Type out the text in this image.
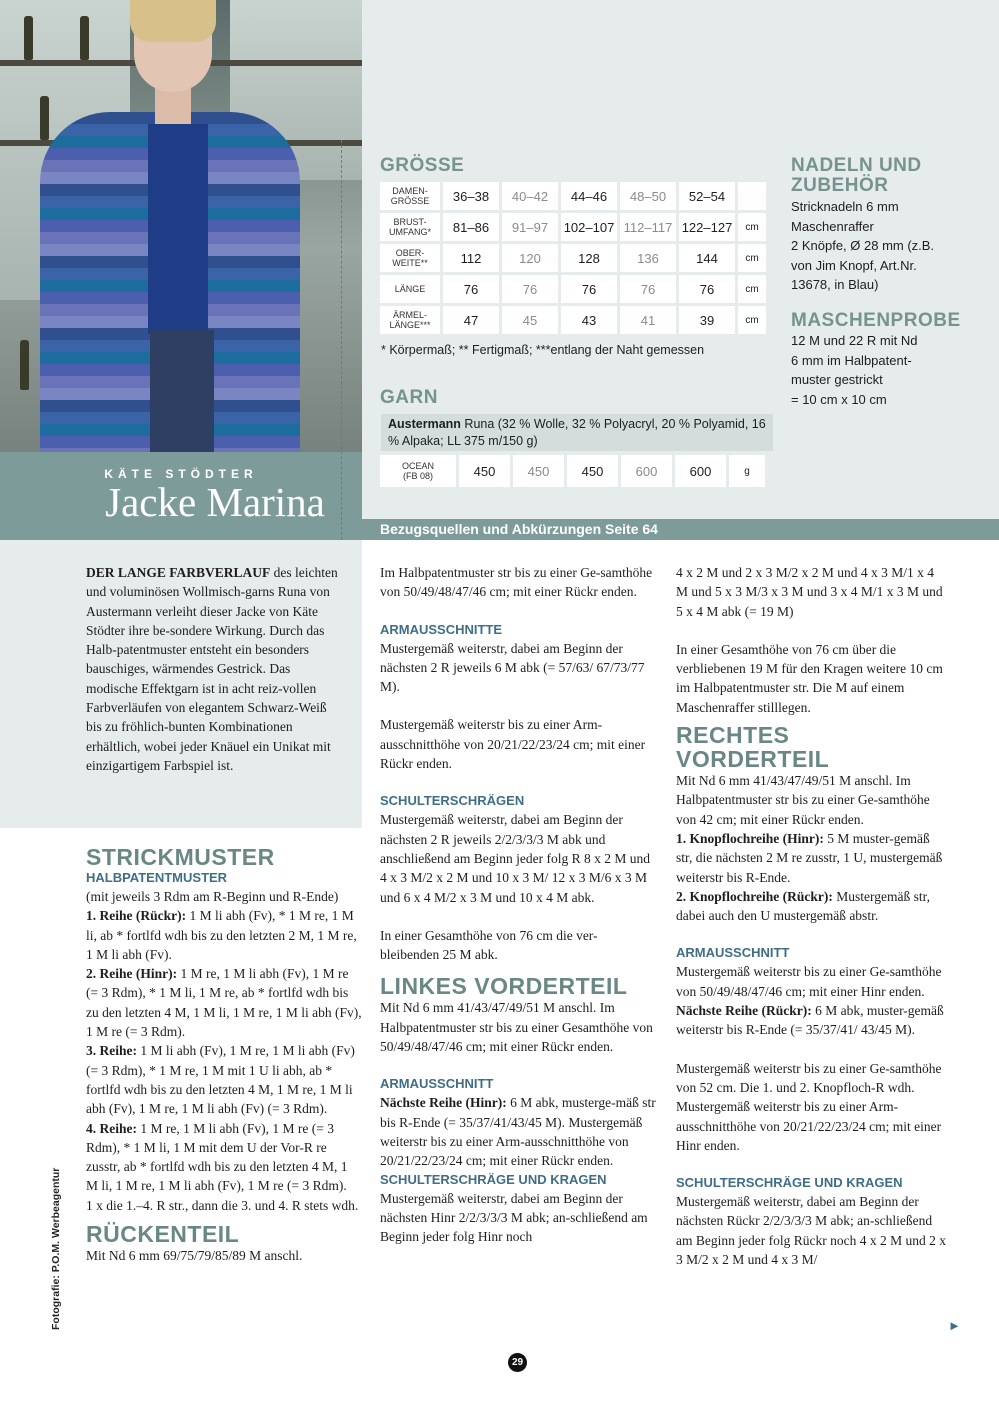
KÄTE STÖDTER
Jacke Marina
Bezugsquellen und Abkürzungen Seite 64
GRÖSSE
DAMEN-
GRÖSSE	36–38	40–42	44–46	48–50	52–54	
BRUST-
UMFANG*	81–86	91–97	102–107	112–117	122–127	cm
OBER-
WEITE**	112	120	128	136	144	cm
LÄNGE	76	76	76	76	76	cm
ÄRMEL-
LÄNGE***	47	45	43	41	39	cm
* Körpermaß; ** Fertigmaß; ***entlang der Naht gemessen
GARN
Austermann Runa (32 % Wolle, 32 % Polyacryl, 20 % Polyamid, 16 % Alpaka; LL 375 m/150 g)
OCEAN
(FB 08)	450	450	450	600	600	g
NADELN UND ZUBEHÖR
Stricknadeln 6 mm
Maschenraffer
2 Knöpfe, Ø 28 mm (z.B.
von Jim Knopf, Art.Nr.
13678, in Blau)
MASCHENPROBE
12 M und 22 R mit Nd
6 mm im Halbpatent-
muster gestrickt
= 10 cm x 10 cm

DER LANGE FARBVERLAUF des leichten und voluminösen Wollmisch-garns Runa von Austermann verleiht dieser Jacke von Käte Stödter ihre be-sondere Wirkung. Durch das Halb-patentmuster entsteht ein besonders bauschiges, wärmendes Gestrick. Das modische Effektgarn ist in acht reiz-vollen Farbverläufen von elegantem Schwarz-Weiß bis zu fröhlich-bunten Kombinationen erhältlich, wobei jeder Knäuel ein Unikat mit einzigartigem Farbspiel ist.

STRICKMUSTER
HALBPATENTMUSTER

(mit jeweils 3 Rdm am R-Beginn und R-Ende)

1. Reihe (Rückr): 1 M li abh (Fv), * 1 M re, 1 M li, ab * fortlfd wdh bis zu den letzten 2 M, 1 M re, 1 M li abh (Fv).

2. Reihe (Hinr): 1 M re, 1 M li abh (Fv), 1 M re (= 3 Rdm), * 1 M li, 1 M re, ab * fortlfd wdh bis zu den letzten 4 M, 1 M li, 1 M re, 1 M li abh (Fv), 1 M re (= 3 Rdm).

3. Reihe: 1 M li abh (Fv), 1 M re, 1 M li abh (Fv) (= 3 Rdm), * 1 M re, 1 M mit 1 U li abh, ab * fortlfd wdh bis zu den letzten 4 M, 1 M re, 1 M li abh (Fv), 1 M re, 1 M li abh (Fv) (= 3 Rdm).

4. Reihe: 1 M re, 1 M li abh (Fv), 1 M re (= 3 Rdm), * 1 M li, 1 M mit dem U der Vor-R re zusstr, ab * fortlfd wdh bis zu den letzten 4 M, 1 M li, 1 M re, 1 M li abh (Fv), 1 M re (= 3 Rdm).

1 x die 1.–4. R str., dann die 3. und 4. R stets wdh.

RÜCKENTEIL

Mit Nd 6 mm 69/75/79/85/89 M anschl.

Im Halbpatentmuster str bis zu einer Ge-samthöhe von 50/49/48/47/46 cm; mit einer Rückr enden.

ARMAUSSCHNITTE

Mustergemäß weiterstr, dabei am Beginn der nächsten 2 R jeweils 6 M abk (= 57/63/ 67/73/77 M).

Mustergemäß weiterstr bis zu einer Arm-ausschnitthöhe von 20/21/22/23/24 cm; mit einer Rückr enden.

SCHULTERSCHRÄGEN

Mustergemäß weiterstr, dabei am Beginn der nächsten 2 R jeweils 2/2/3/3/3 M abk und anschließend am Beginn jeder folg R 8 x 2 M und 4 x 3 M/2 x 2 M und 10 x 3 M/ 12 x 3 M/6 x 3 M und 6 x 4 M/2 x 3 M und 10 x 4 M abk.

In einer Gesamthöhe von 76 cm die ver-bleibenden 25 M abk.

LINKES VORDERTEIL

Mit Nd 6 mm 41/43/47/49/51 M anschl. Im Halbpatentmuster str bis zu einer Gesamthöhe von 50/49/48/47/46 cm; mit einer Rückr enden.

ARMAUSSCHNITT

Nächste Reihe (Hinr): 6 M abk, musterge-mäß str bis R-Ende (= 35/37/41/43/45 M). Mustergemäß weiterstr bis zu einer Arm-ausschnitthöhe von 20/21/22/23/24 cm; mit einer Rückr enden.

SCHULTERSCHRÄGE UND KRAGEN

Mustergemäß weiterstr, dabei am Beginn der nächsten Hinr 2/2/3/3/3 M abk; an-schließend am Beginn jeder folg Hinr noch

4 x 2 M und 2 x 3 M/2 x 2 M und 4 x 3 M/1 x 4 M und 5 x 3 M/3 x 3 M und 3 x 4 M/1 x 3 M und 5 x 4 M abk (= 19 M)

In einer Gesamthöhe von 76 cm über die verbliebenen 19 M für den Kragen weitere 10 cm im Halbpatentmuster str. Die M auf einem Maschenraffer stilllegen.

RECHTES VORDERTEIL

Mit Nd 6 mm 41/43/47/49/51 M anschl. Im Halbpatentmuster str bis zu einer Ge-samthöhe von 42 cm; mit einer Rückr enden.

1. Knopflochreihe (Hinr): 5 M muster-gemäß str, die nächsten 2 M re zusstr, 1 U, mustergemäß weiterstr bis R-Ende.

2. Knopflochreihe (Rückr): Mustergemäß str, dabei auch den U mustergemäß abstr.

ARMAUSSCHNITT

Mustergemäß weiterstr bis zu einer Ge-samthöhe von 50/49/48/47/46 cm; mit einer Hinr enden.

Nächste Reihe (Rückr): 6 M abk, muster-gemäß weiterstr bis R-Ende (= 35/37/41/ 43/45 M).

Mustergemäß weiterstr bis zu einer Ge-samthöhe von 52 cm. Die 1. und 2. Knopfloch-R wdh. Mustergemäß weiterstr bis zu einer Arm-ausschnitthöhe von 20/21/22/23/24 cm; mit einer Hinr enden.

SCHULTERSCHRÄGE UND KRAGEN

Mustergemäß weiterstr, dabei am Beginn der nächsten Rückr 2/2/3/3/3 M abk; an-schließend am Beginn jeder folg Rückr noch 4 x 2 M und 2 x 3 M/2 x 2 M und 4 x 3 M/

►
Fotografie: P.O.M. Werbeagentur
29
